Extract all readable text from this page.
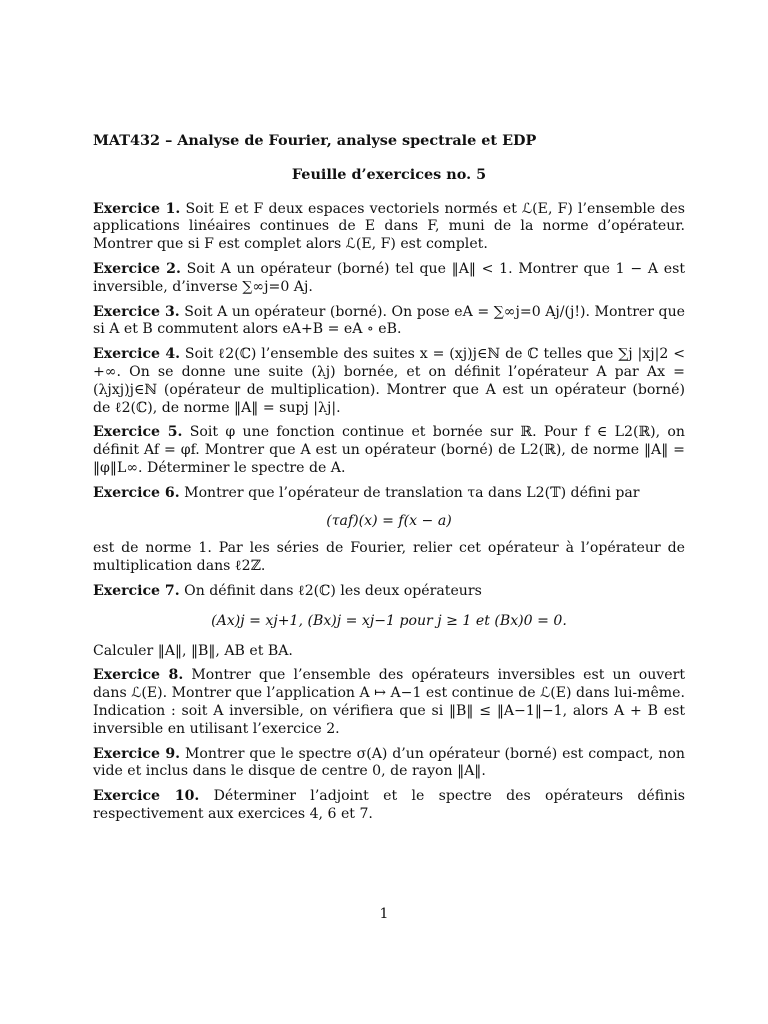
MAT432 – Analyse de Fourier, analyse spectrale et EDP

Feuille d’exercices no. 5

Exercice 1. Soit E et F deux espaces vectoriels normés et ℒ(E, F) l’ensemble des applications linéaires continues de E dans F, muni de la norme d’opérateur. Montrer que si F est complet alors ℒ(E, F) est complet.

Exercice 2. Soit A un opérateur (borné) tel que ‖A‖ < 1. Montrer que 1 − A est inversible, d’inverse ∑∞j=0 Aj.

Exercice 3. Soit A un opérateur (borné). On pose eA = ∑∞j=0 Aj/(j!). Montrer que si A et B commutent alors eA+B = eA ∘ eB.

Exercice 4. Soit ℓ2(ℂ) l’ensemble des suites x = (xj)j∈ℕ de ℂ telles que ∑j |xj|2 < +∞. On se donne une suite (λj) bornée, et on définit l’opérateur A par Ax = (λjxj)j∈ℕ (opérateur de multiplication). Montrer que A est un opérateur (borné) de ℓ2(ℂ), de norme ‖A‖ = supj |λj|.

Exercice 5. Soit φ une fonction continue et bornée sur ℝ. Pour f ∈ L2(ℝ), on définit Af = φf. Montrer que A est un opérateur (borné) de L2(ℝ), de norme ‖A‖ = ‖φ‖L∞. Déterminer le spectre de A.

Exercice 6. Montrer que l’opérateur de translation τa dans L2(𝕋) défini par

(τaf)(x) = f(x − a)

est de norme 1. Par les séries de Fourier, relier cet opérateur à l’opérateur de multiplication dans ℓ2ℤ.

Exercice 7. On définit dans ℓ2(ℂ) les deux opérateurs

(Ax)j = xj+1, (Bx)j = xj−1 pour j ≥ 1 et (Bx)0 = 0.

Calculer ‖A‖, ‖B‖, AB et BA.

Exercice 8. Montrer que l’ensemble des opérateurs inversibles est un ouvert dans ℒ(E). Montrer que l’application A ↦ A−1 est continue de ℒ(E) dans lui-même. Indication : soit A inversible, on vérifiera que si ‖B‖ ≤ ‖A−1‖−1, alors A + B est inversible en utilisant l’exercice 2.

Exercice 9. Montrer que le spectre σ(A) d’un opérateur (borné) est compact, non vide et inclus dans le disque de centre 0, de rayon ‖A‖.

Exercice 10. Déterminer l’adjoint et le spectre des opérateurs définis respectivement aux exercices 4, 6 et 7.

1
